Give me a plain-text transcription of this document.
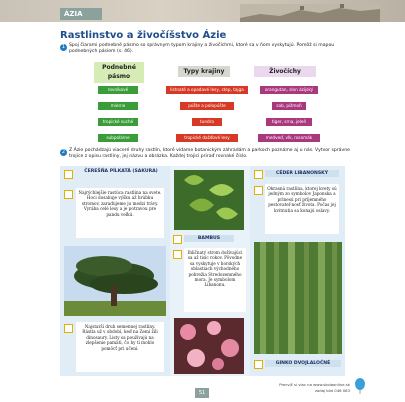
ÁZIA
Rastlinstvo a živočíšstvo Ázie
1 Spoj čiarami podnebné pásmo so správnym typom krajiny a živočíchmi, ktoré sa v ňom vyskytujú. Pomôž si mapou podnebných pásiem (s. 46).
Podnebné pásmo
Typy krajiny	Živočíchy
rovníkové
mierne
tropické suché
subpolárne
listnaté a opadavé lesy, step, tajga
púšte a polopúšte
tundra
tropické dažďové lesy
orangutan, slon ázijský
sob, pižmoň
tiger, srna, jeleň
medveď, vlk, rosomák
2 Z Ázie pochádzajú viaceré druhy rastlín, ktoré vídame botanickým záhradám a parkoch poznáme aj u nás. Vytvor správne trojice z opisu rastliny, jej názvu a obrázka. Každej trojici priraď rovnaké číslo.
ČEREŠŇA PÍLKATÁ (SAKURA)
Najrýchlejšie rastúca rastlina na svete. Hoci dosahuje výšku až hrúbku stromov, zaraďujeme ju medzi trávy. Vyrába celé lesy a je potravou pre pandu veľkú.
Najstarší druh semennej rastliny. Rástla už v období, keď na Zemi žili dinosaury. Listy sa používajú na zlepšenie pamäti, čo by ti mohlo pomôcť pri učení.
BAMBUS
Ihličnatý strom dožívajúci sa až tisíc rokov. Pôvodne sa vyskytuje v horských oblastiach východného pobrežia Stredozemného mora. Je symbolom Libanonu.
CÉDER LIBANONSKÝ
Okrasná rastlina, ktorej kvety sú jedným zo symbolov Japonska a prinesú pri príjemného pestovateľ-nosť života. Počas jej kvitnutia sa konajú oslavy.
GINKO DVOJLALOČNÉ
Precvič si viac na www.skolaonline.sk
zadaj kód 046 083
51
